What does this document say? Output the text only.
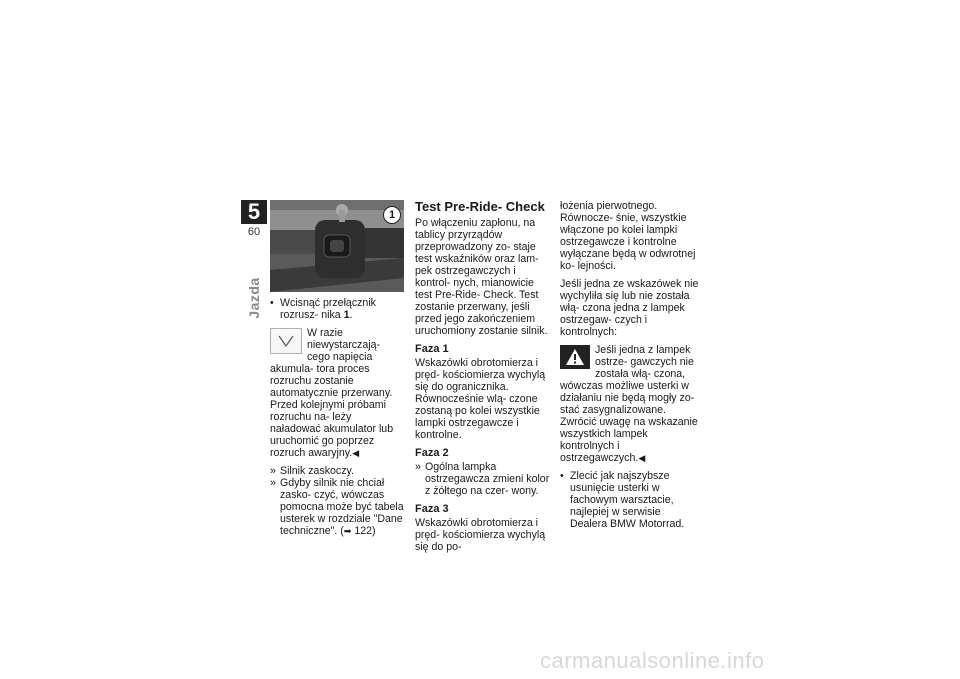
5
60
Jazda
1
• Wcisnąć przełącznik rozrusz- nika 1.
W razie niewystarczają- cego napięcia akumula- tora proces rozruchu zostanie automatycznie przerwany. Przed kolejnymi próbami rozruchu na- leży naładować akumulator lub uruchomić go poprzez rozruch awaryjny.◀
» Silnik zaskoczy.
» Gdyby silnik nie chciał zasko- czyć, wówczas pomocna może być tabela usterek w rozdziale "Dane techniczne". (➡ 122)
Test Pre-Ride- Check

Po włączeniu zapłonu, na tablicy przyrządów przeprowadzony zo- staje test wskaźników oraz lam- pek ostrzegawczych i kontrol- nych, mianowicie test Pre-Ride- Check. Test zostanie przerwany, jeśli przed jego zakończeniem uruchomiony zostanie silnik.

Faza 1

Wskazówki obrotomierza i pręd- kościomierza wychylą się do ogranicznika. Równocześnie wlą- czone zostaną po kolei wszystkie lampki ostrzegawcze i kontrolne.

Faza 2
» Ogólna lampka ostrzegawcza zmieni kolor z żółtego na czer- wony.
Faza 3

Wskazówki obrotomierza i pręd- kościomierza wychylą się do po-

łożenia pierwotnego. Równocze- śnie, wszystkie włączone po kolei lampki ostrzegawcze i kontrolne wyłączane będą w odwrotnej ko- lejności.

Jeśli jedna ze wskazówek nie wychyliła się lub nie została włą- czona jedna z lampek ostrzegaw- czych i kontrolnych:

Jeśli jedna z lampek ostrze- gawczych nie została włą- czona, wówczas możliwe usterki w działaniu nie będą mogły zo- stać zasygnalizowane.
Zwrócić uwagę na wskazanie wszystkich lampek kontrolnych i ostrzegawczych.◀
• Zlecić jak najszybsze usunięcie usterki w fachowym warsztacie, najlepiej w serwisie Dealera BMW Motorrad.
carmanualsonline.info
